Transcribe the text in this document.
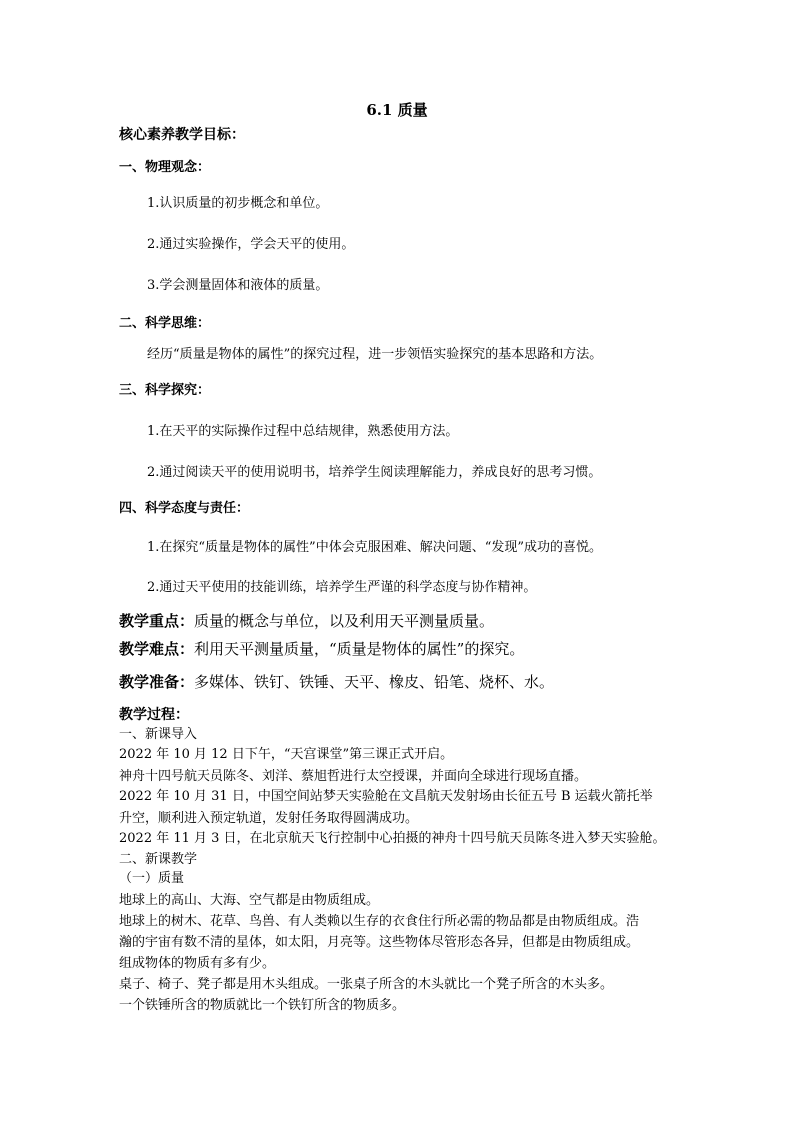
6.1 质量
核心素养教学目标：
一、物理观念：
1.认识质量的初步概念和单位。
2.通过实验操作，学会天平的使用。
3.学会测量固体和液体的质量。
二、科学思维：
经历“质量是物体的属性”的探究过程，进一步领悟实验探究的基本思路和方法。
三、科学探究：
1.在天平的实际操作过程中总结规律，熟悉使用方法。
2.通过阅读天平的使用说明书，培养学生阅读理解能力，养成良好的思考习惯。
四、科学态度与责任：
1.在探究“质量是物体的属性”中体会克服困难、解决问题、“发现”成功的喜悦。
2.通过天平使用的技能训练，培养学生严谨的科学态度与协作精神。
教学重点：质量的概念与单位，以及利用天平测量质量。
教学难点：利用天平测量质量，“质量是物体的属性”的探究。
教学准备：多媒体、铁钉、铁锤、天平、橡皮、铅笔、烧杯、水。
教学过程：
一、新课导入
2022 年 10 月 12 日下午，“天宫课堂”第三课正式开启。
神舟十四号航天员陈冬、刘洋、蔡旭哲进行太空授课，并面向全球进行现场直播。
2022 年 10 月 31 日，中国空间站梦天实验舱在文昌航天发射场由长征五号 B 运载火箭托举
升空，顺利进入预定轨道，发射任务取得圆满成功。
2022 年 11 月 3 日，在北京航天飞行控制中心拍摄的神舟十四号航天员陈冬进入梦天实验舱。
二、新课教学
（一）质量
地球上的高山、大海、空气都是由物质组成。
地球上的树木、花草、鸟兽、有人类赖以生存的衣食住行所必需的物品都是由物质组成。浩
瀚的宇宙有数不清的星体，如太阳，月亮等。这些物体尽管形态各异，但都是由物质组成。
组成物体的物质有多有少。
桌子、椅子、凳子都是用木头组成。一张桌子所含的木头就比一个凳子所含的木头多。
一个铁锤所含的物质就比一个铁钉所含的物质多。
